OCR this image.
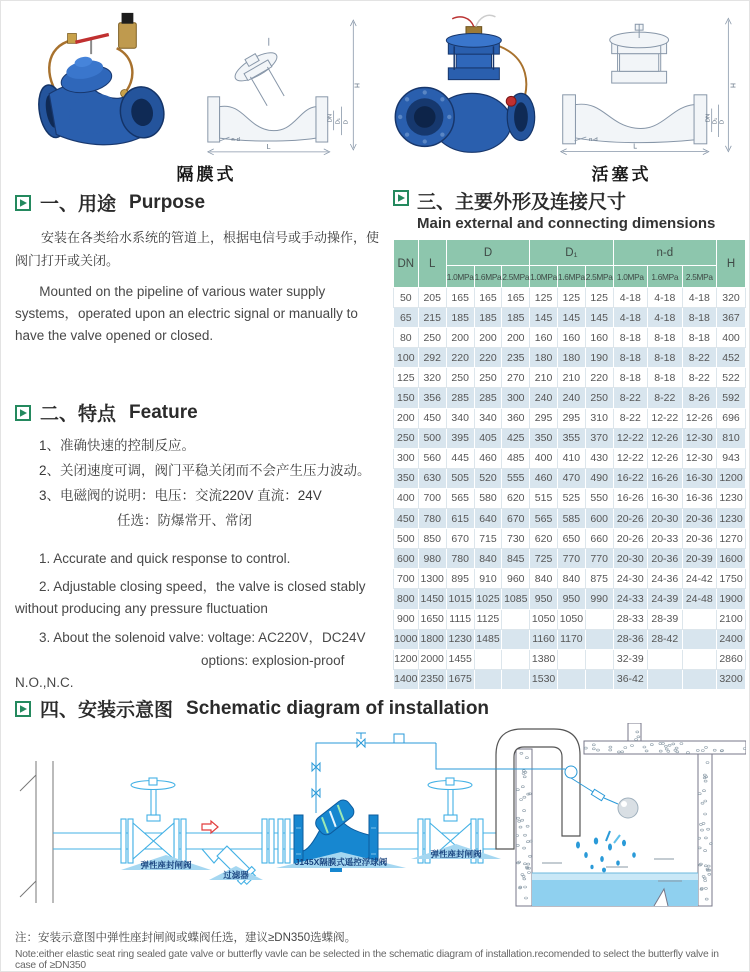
H
L
n-d
DN D₁ D
隔膜式
H
L
n-d
DN D₁ D
活塞式
一、用途 Purpose

安装在各类给水系统的管道上，根据电信号或手动操作，使阀门打开或关闭。

Mounted on the pipeline of various water supply systems，operated upon an electric signal or manually to have the valve opened or closed.

二、特点 Feature
1、准确快速的控制反应。
2、关闭速度可调，阀门平稳关闭而不会产生压力波动。
3、电磁阀的说明：电压：交流220V 直流：24V
任选：防爆常开、常闭
1. Accurate and quick response to control.
2. Adjustable closing speed，the valve is closed stably without producing any pressure fluctuation
3. About the solenoid valve: voltage: AC220V，DC24V
options: explosion-proof N.O.,N.C.
三、主要外形及连接尺寸
Main external and connecting dimensions
DN	L	D			D₁			n-d			H
		1.0MPa	1.6MPa	2.5MPa	1.0MPa	1.6MPa	2.5MPa	1.0MPa	1.6MPa	2.5MPa	
50	205	165	165	165	125	125	125	4-18	4-18	4-18	320
65	215	185	185	185	145	145	145	4-18	4-18	8-18	367
80	250	200	200	200	160	160	160	8-18	8-18	8-18	400
100	292	220	220	235	180	180	190	8-18	8-18	8-22	452
125	320	250	250	270	210	210	220	8-18	8-18	8-22	522
150	356	285	285	300	240	240	250	8-22	8-22	8-26	592
200	450	340	340	360	295	295	310	8-22	12-22	12-26	696
250	500	395	405	425	350	355	370	12-22	12-26	12-30	810
300	560	445	460	485	400	410	430	12-22	12-26	12-30	943
350	630	505	520	555	460	470	490	16-22	16-26	16-30	1200
400	700	565	580	620	515	525	550	16-26	16-30	16-36	1230
450	780	615	640	670	565	585	600	20-26	20-30	20-36	1230
500	850	670	715	730	620	650	660	20-26	20-33	20-36	1270
600	980	780	840	845	725	770	770	20-30	20-36	20-39	1600
700	1300	895	910	960	840	840	875	24-30	24-36	24-42	1750
800	1450	1015	1025	1085	950	950	990	24-33	24-39	24-48	1900
900	1650	1115	1125		1050	1050		28-33	28-39		2100
1000	1800	1230	1485		1160	1170		28-36	28-42		2400
1200	2000	1455			1380			32-39			2860
1400	2350	1675			1530			36-42			3200
四、安装示意图 Schematic diagram of installation
弹性座封闸阀
过滤器
J145X隔膜式遥控浮球阀
弹性座封闸阀

注：安装示意图中弹性座封闸阀或蝶阀任选，建议≥DN350选蝶阀。

Note:either elastic seat ring sealed gate valve or butterfly vavle can be selected in the schematic diagram of installation.recomended to select the butterfly valve in case of ≥DN350
